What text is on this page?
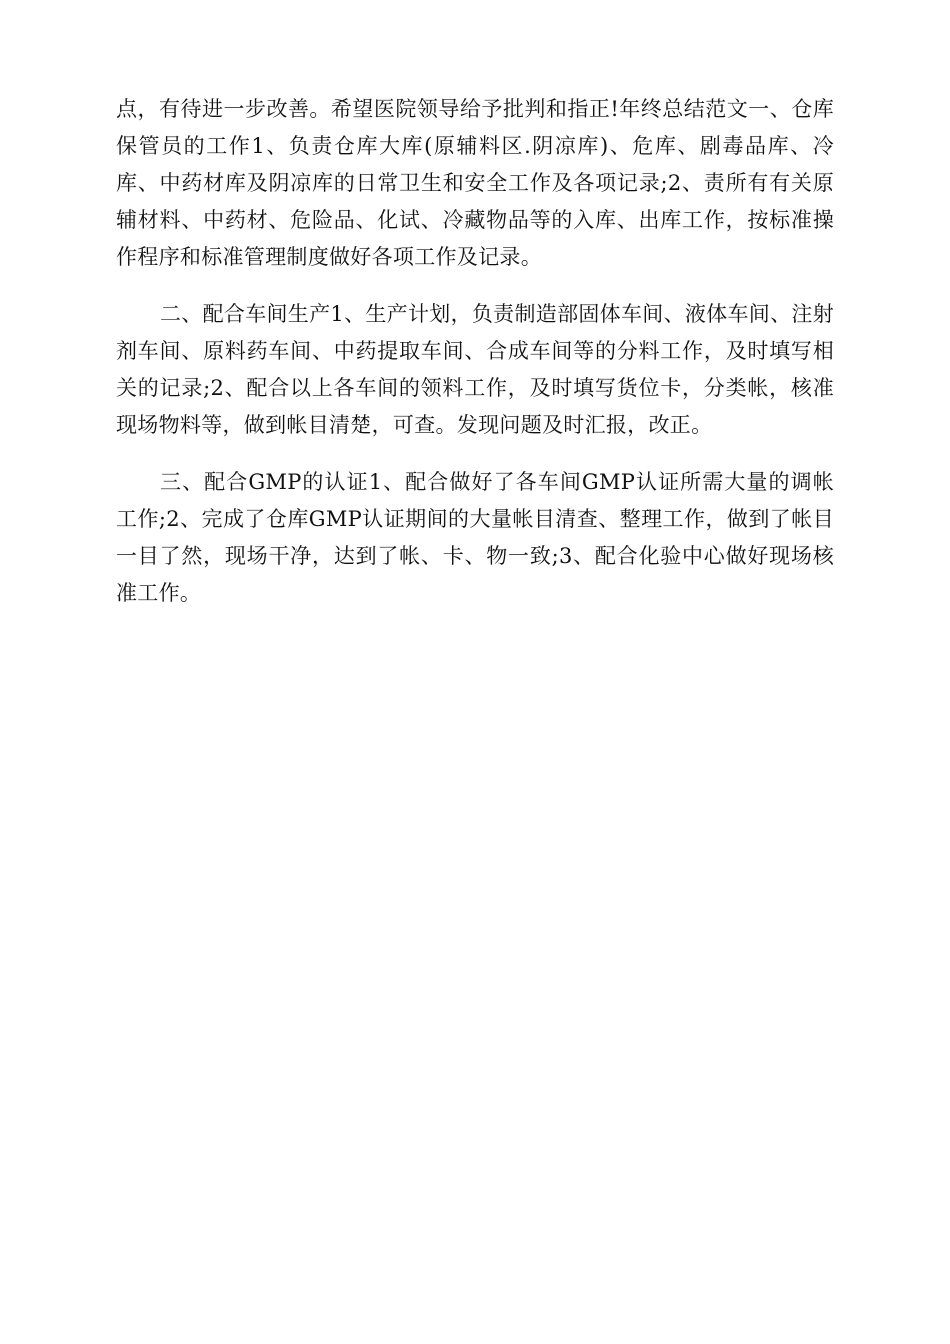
点，有待进一步改善。希望医院领导给予批判和指正!年终总结范文一、仓库保管员的工作1、负责仓库大库(原辅料区.阴凉库)、危库、剧毒品库、冷库、中药材库及阴凉库的日常卫生和安全工作及各项记录;2、责所有有关原辅材料、中药材、危险品、化试、冷藏物品等的入库、出库工作，按标准操作程序和标准管理制度做好各项工作及记录。

二、配合车间生产1、生产计划，负责制造部固体车间、液体车间、注射剂车间、原料药车间、中药提取车间、合成车间等的分料工作，及时填写相关的记录;2、配合以上各车间的领料工作，及时填写货位卡，分类帐，核准现场物料等，做到帐目清楚，可查。发现问题及时汇报，改正。

三、配合GMP的认证1、配合做好了各车间GMP认证所需大量的调帐工作;2、完成了仓库GMP认证期间的大量帐目清查、整理工作，做到了帐目一目了然，现场干净，达到了帐、卡、物一致;3、配合化验中心做好现场核准工作。
